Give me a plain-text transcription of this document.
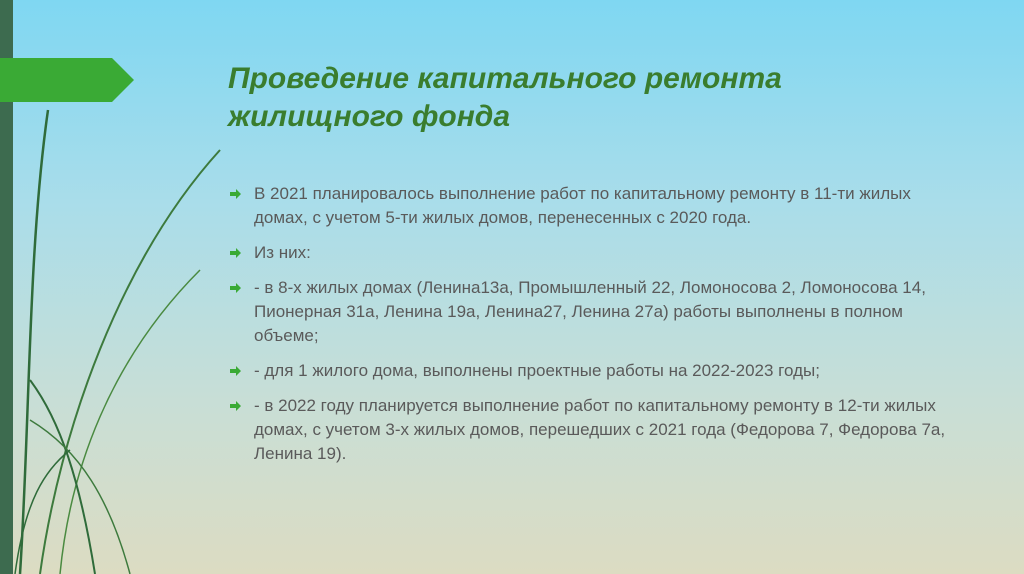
Проведение капитального ремонта жилищного фонда
В 2021 планировалось выполнение работ по капитальному ремонту в 11-ти жилых домах, с учетом 5-ти жилых домов, перенесенных с 2020 года.
Из них:
- в 8-х жилых домах (Ленина13а, Промышленный 22, Ломоносова 2, Ломоносова 14, Пионерная 31а, Ленина 19а, Ленина27, Ленина 27а) работы выполнены в полном объеме;
- для 1 жилого дома, выполнены проектные работы на 2022-2023 годы;
- в 2022 году планируется выполнение работ по капитальному ремонту в 12-ти жилых домах, с учетом 3-х жилых домов, перешедших с 2021 года (Федорова 7, Федорова 7а, Ленина 19).
